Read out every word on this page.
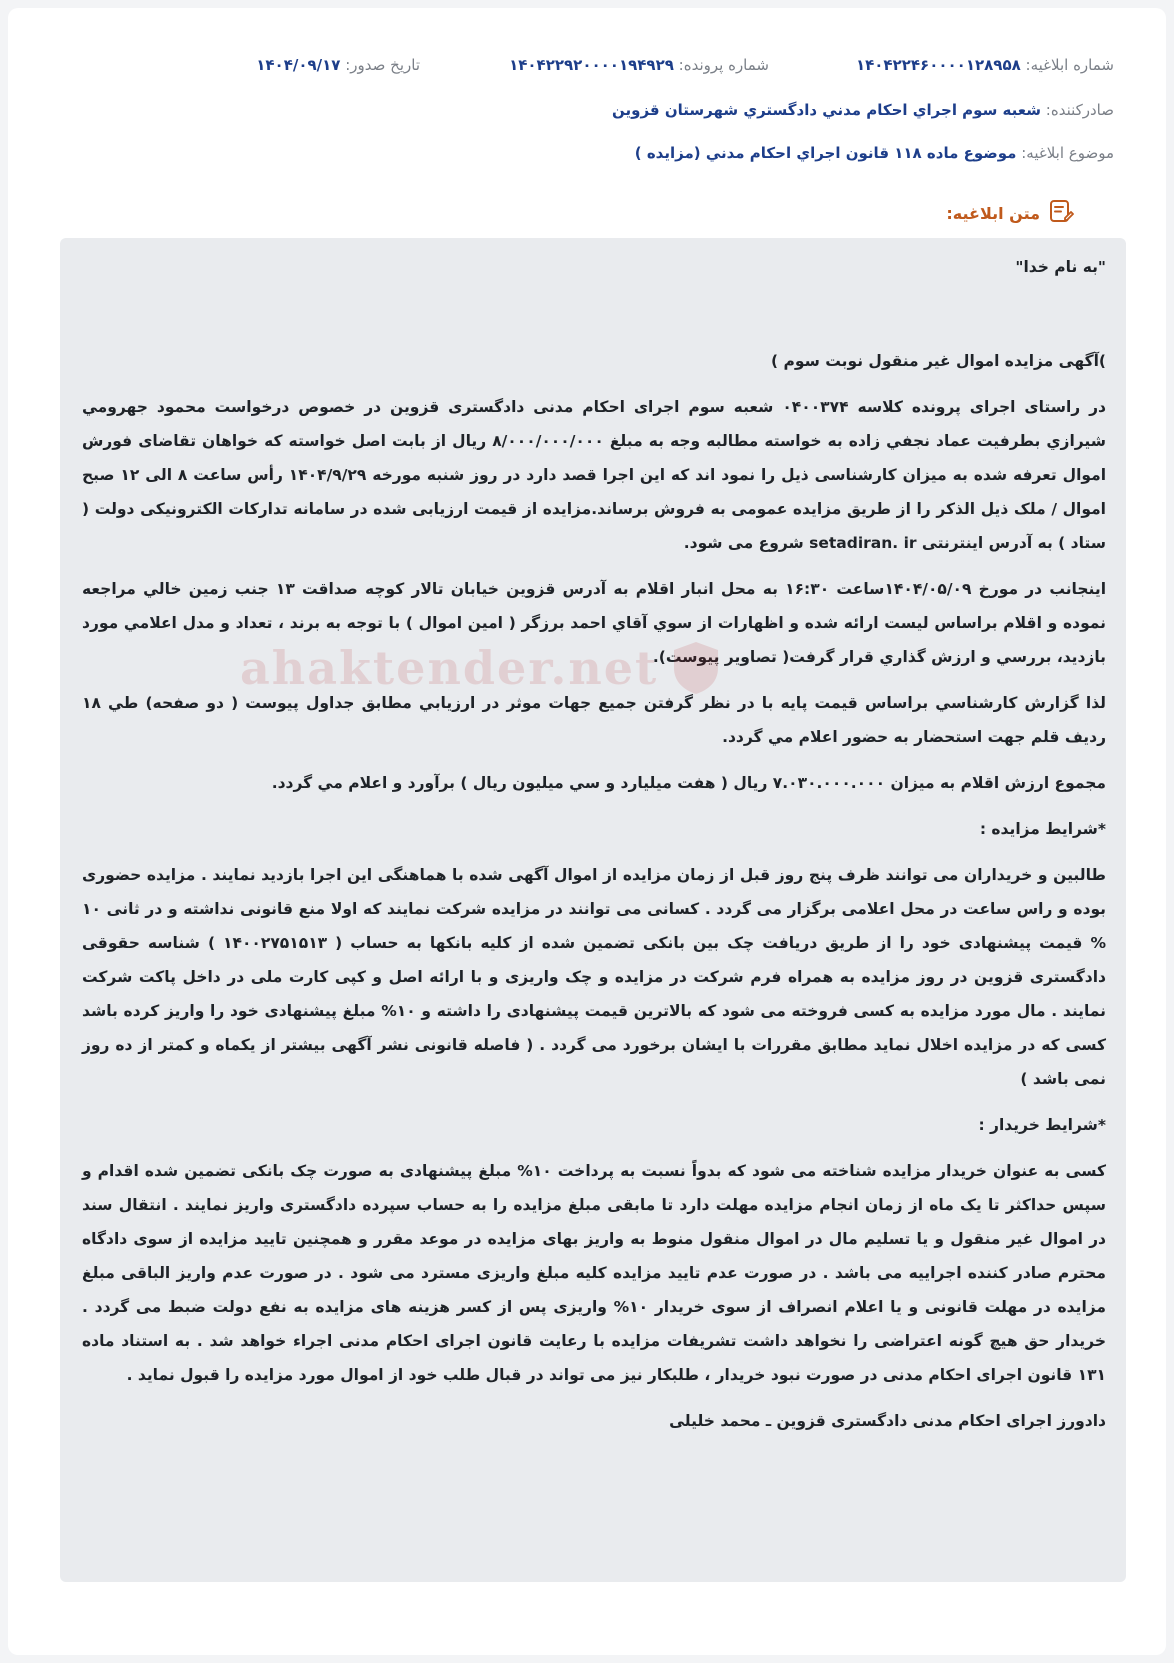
شماره ابلاغیه: ۱۴۰۴۲۲۴۶۰۰۰۰۱۲۸۹۵۸
شماره پرونده: ۱۴۰۴۲۲۹۲۰۰۰۰۱۹۴۹۲۹
تاریخ صدور: ۱۴۰۴/۰۹/۱۷
صادرکننده: شعبه سوم اجراي احکام مدني دادگستري شهرستان قزوين
موضوع ابلاغیه: موضوع ماده ۱۱۸ قانون اجراي احکام مدني (مزايده )
متن ابلاغیه:
ahaktender.net

"به نام خدا"

)آگهی مزایده اموال غیر منقول نوبت سوم )

در راستای اجرای پرونده کلاسه ۰۴۰۰۳۷۴ شعبه سوم اجرای احکام مدنی دادگستری قزوین در خصوص درخواست محمود جهرومي شيرازي بطرفيت عماد نجفي زاده به خواسته مطالبه وجه به مبلغ ۸/۰۰۰/۰۰۰/۰۰۰ ريال از بابت اصل خواسته که خواهان تقاضای فورش اموال تعرفه شده به میزان کارشناسی ذیل را نمود اند که این اجرا قصد دارد در روز شنبه مورخه ۱۴۰۴/۹/۲۹ رأس ساعت ۸ الی ۱۲ صبح اموال / ملک ذیل الذکر را از طریق مزایده عمومی به فروش برساند.مزایده از قیمت ارزیابی شده در سامانه تدارکات الکترونیکی دولت ( ستاد ) به آدرس اینترنتی setadiran. ir شروع می شود.

اینجانب در مورخ ۱۴۰۴/۰۵/۰۹ساعت ۱۶:۳۰ به محل انبار اقلام به آدرس قزوین خیابان تالار کوچه صداقت ۱۳ جنب زمين خالي مراجعه نموده و اقلام براساس ليست ارائه شده و اظهارات از سوي آقاي احمد برزگر ( امين اموال ) با توجه به برند ، تعداد و مدل اعلامي مورد بازديد، بررسي و ارزش گذاري قرار گرفت( تصاوير پيوست).

لذا گزارش كارشناسي براساس قيمت پايه با در نظر گرفتن جميع جهات موثر در ارزيابي مطابق جداول پيوست ( دو صفحه) طي ۱۸ رديف قلم جهت استحضار به حضور اعلام مي گردد.

مجموع ارزش اقلام به ميزان ۷.۰۳۰.۰۰۰.۰۰۰ ريال ( هفت ميليارد و سي ميليون ريال ) برآورد و اعلام مي گردد.

*شرایط مزایده :

طالبین و خریداران می توانند ظرف پنج روز قبل از زمان مزایده از اموال آگهی شده با هماهنگی این اجرا بازدید نمایند . مزایده حضوری بوده و راس ساعت در محل اعلامی برگزار می گردد . کسانی می توانند در مزایده شرکت نمایند که اولا منع قانونی نداشته و در ثانی ۱۰ % قیمت پیشنهادی خود را از طریق دریافت چک بین بانکی تضمین شده از کلیه بانکها به حساب ( ۱۴۰۰۲۷۵۱۵۱۳ ) شناسه حقوقی دادگستری قزوین در روز مزایده به همراه فرم شرکت در مزایده و چک واریزی و با ارائه اصل و کپی کارت ملی در داخل پاکت شرکت نمایند . مال مورد مزایده به کسی فروخته می شود که بالاترین قیمت پیشنهادی را داشته و ۱۰% مبلغ پیشنهادی خود را واریز کرده باشد کسی که در مزایده اخلال نماید مطابق مقررات با ایشان برخورد می گردد . ( فاصله قانونی نشر آگهی بیشتر از یکماه و کمتر از ده روز نمی باشد )

*شرایط خریدار :

کسی به عنوان خریدار مزایده شناخته می شود که بدواً نسبت به پرداخت ۱۰% مبلغ پیشنهادی به صورت چک بانکی تضمین شده اقدام و سپس حداکثر تا یک ماه از زمان انجام مزایده مهلت دارد تا مابقی مبلغ مزایده را به حساب سپرده دادگستری واریز نمایند . انتقال سند در اموال غیر منقول و یا تسلیم مال در اموال منقول منوط به واریز بهای مزایده در موعد مقرر و همچنین تایید مزایده از سوی دادگاه محترم صادر کننده اجراییه می باشد . در صورت عدم تایید مزایده کلیه مبلغ واریزی مسترد می شود . در صورت عدم واریز الباقی مبلغ مزایده در مهلت قانونی و یا اعلام انصراف از سوی خریدار ۱۰% واریزی پس از کسر هزینه های مزایده به نفع دولت ضبط می گردد . خریدار حق هیچ گونه اعتراضی را نخواهد داشت تشریفات مزایده با رعایت قانون اجرای احکام مدنی اجراء خواهد شد . به استناد ماده ۱۳۱ قانون اجرای احکام مدنی در صورت نبود خریدار ، طلبکار نیز می تواند در قبال طلب خود از اموال مورد مزایده را قبول نماید .

دادورز اجرای احکام مدنی دادگستری قزوین ـ محمد خلیلی
